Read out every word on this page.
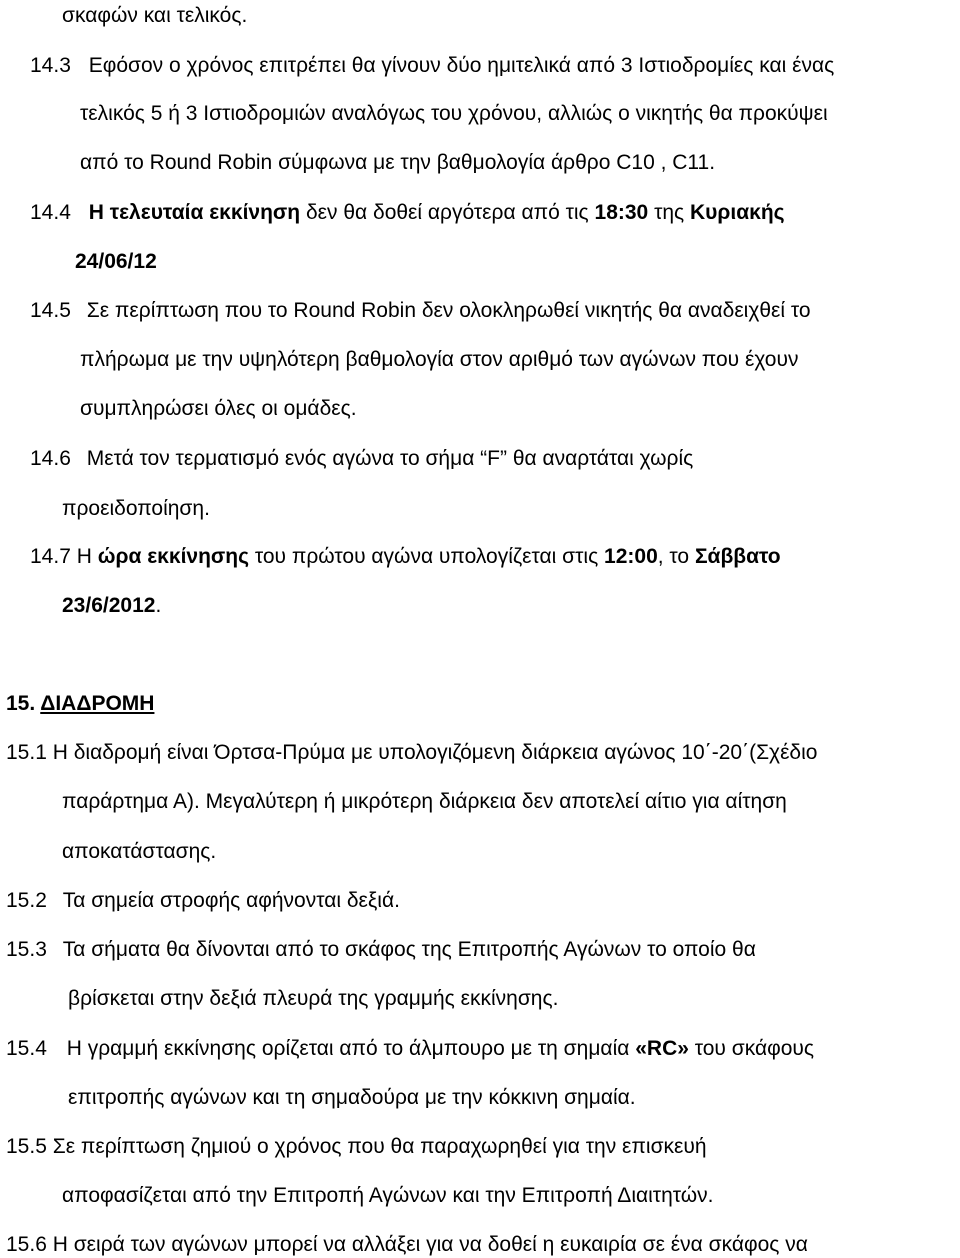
σκαφών και τελικός.
14.3 Εφόσον ο χρόνος επιτρέπει θα γίνουν δύο ημιτελικά από 3 Ιστιοδρομίες και ένας
τελικός 5 ή 3 Ιστιοδρομιών αναλόγως του χρόνου, αλλιώς ο νικητής θα προκύψει
από το Round Robin σύμφωνα με την βαθμολογία άρθρο C10 , C11.
14.4 Η τελευταία εκκίνηση δεν θα δοθεί αργότερα από τις 18:30 της Κυριακής
24/06/12
14.5 Σε περίπτωση που το Round Robin δεν ολοκληρωθεί νικητής θα αναδειχθεί το
πλήρωμα με την υψηλότερη βαθμολογία στον αριθμό των αγώνων που έχουν
συμπληρώσει όλες οι ομάδες.
14.6 Μετά τον τερματισμό ενός αγώνα το σήμα “F” θα αναρτάται χωρίς
προειδοποίηση.
14.7 Η ώρα εκκίνησης του πρώτου αγώνα υπολογίζεται στις 12:00, το Σάββατο
23/6/2012.
15. ΔΙΑΔΡΟΜΗ
15.1 Η διαδρομή είναι Όρτσα-Πρύμα με υπολογιζόμενη διάρκεια αγώνος 10΄-20΄(Σχέδιο
παράρτημα Α). Μεγαλύτερη ή μικρότερη διάρκεια δεν αποτελεί αίτιο για αίτηση
αποκατάστασης.
15.2 Τα σημεία στροφής αφήνονται δεξιά.
15.3 Τα σήματα θα δίνονται από το σκάφος της Επιτροπής Αγώνων το οποίο θα
βρίσκεται στην δεξιά πλευρά της γραμμής εκκίνησης.
15.4 Η γραμμή εκκίνησης ορίζεται από το άλμπουρο με τη σημαία «RC» του σκάφους
επιτροπής αγώνων και τη σημαδούρα με την κόκκινη σημαία.
15.5 Σε περίπτωση ζημιού ο χρόνος που θα παραχωρηθεί για την επισκευή
αποφασίζεται από την Επιτροπή Αγώνων και την Επιτροπή Διαιτητών.
15.6 Η σειρά των αγώνων μπορεί να αλλάξει για να δοθεί η ευκαιρία σε ένα σκάφος να
